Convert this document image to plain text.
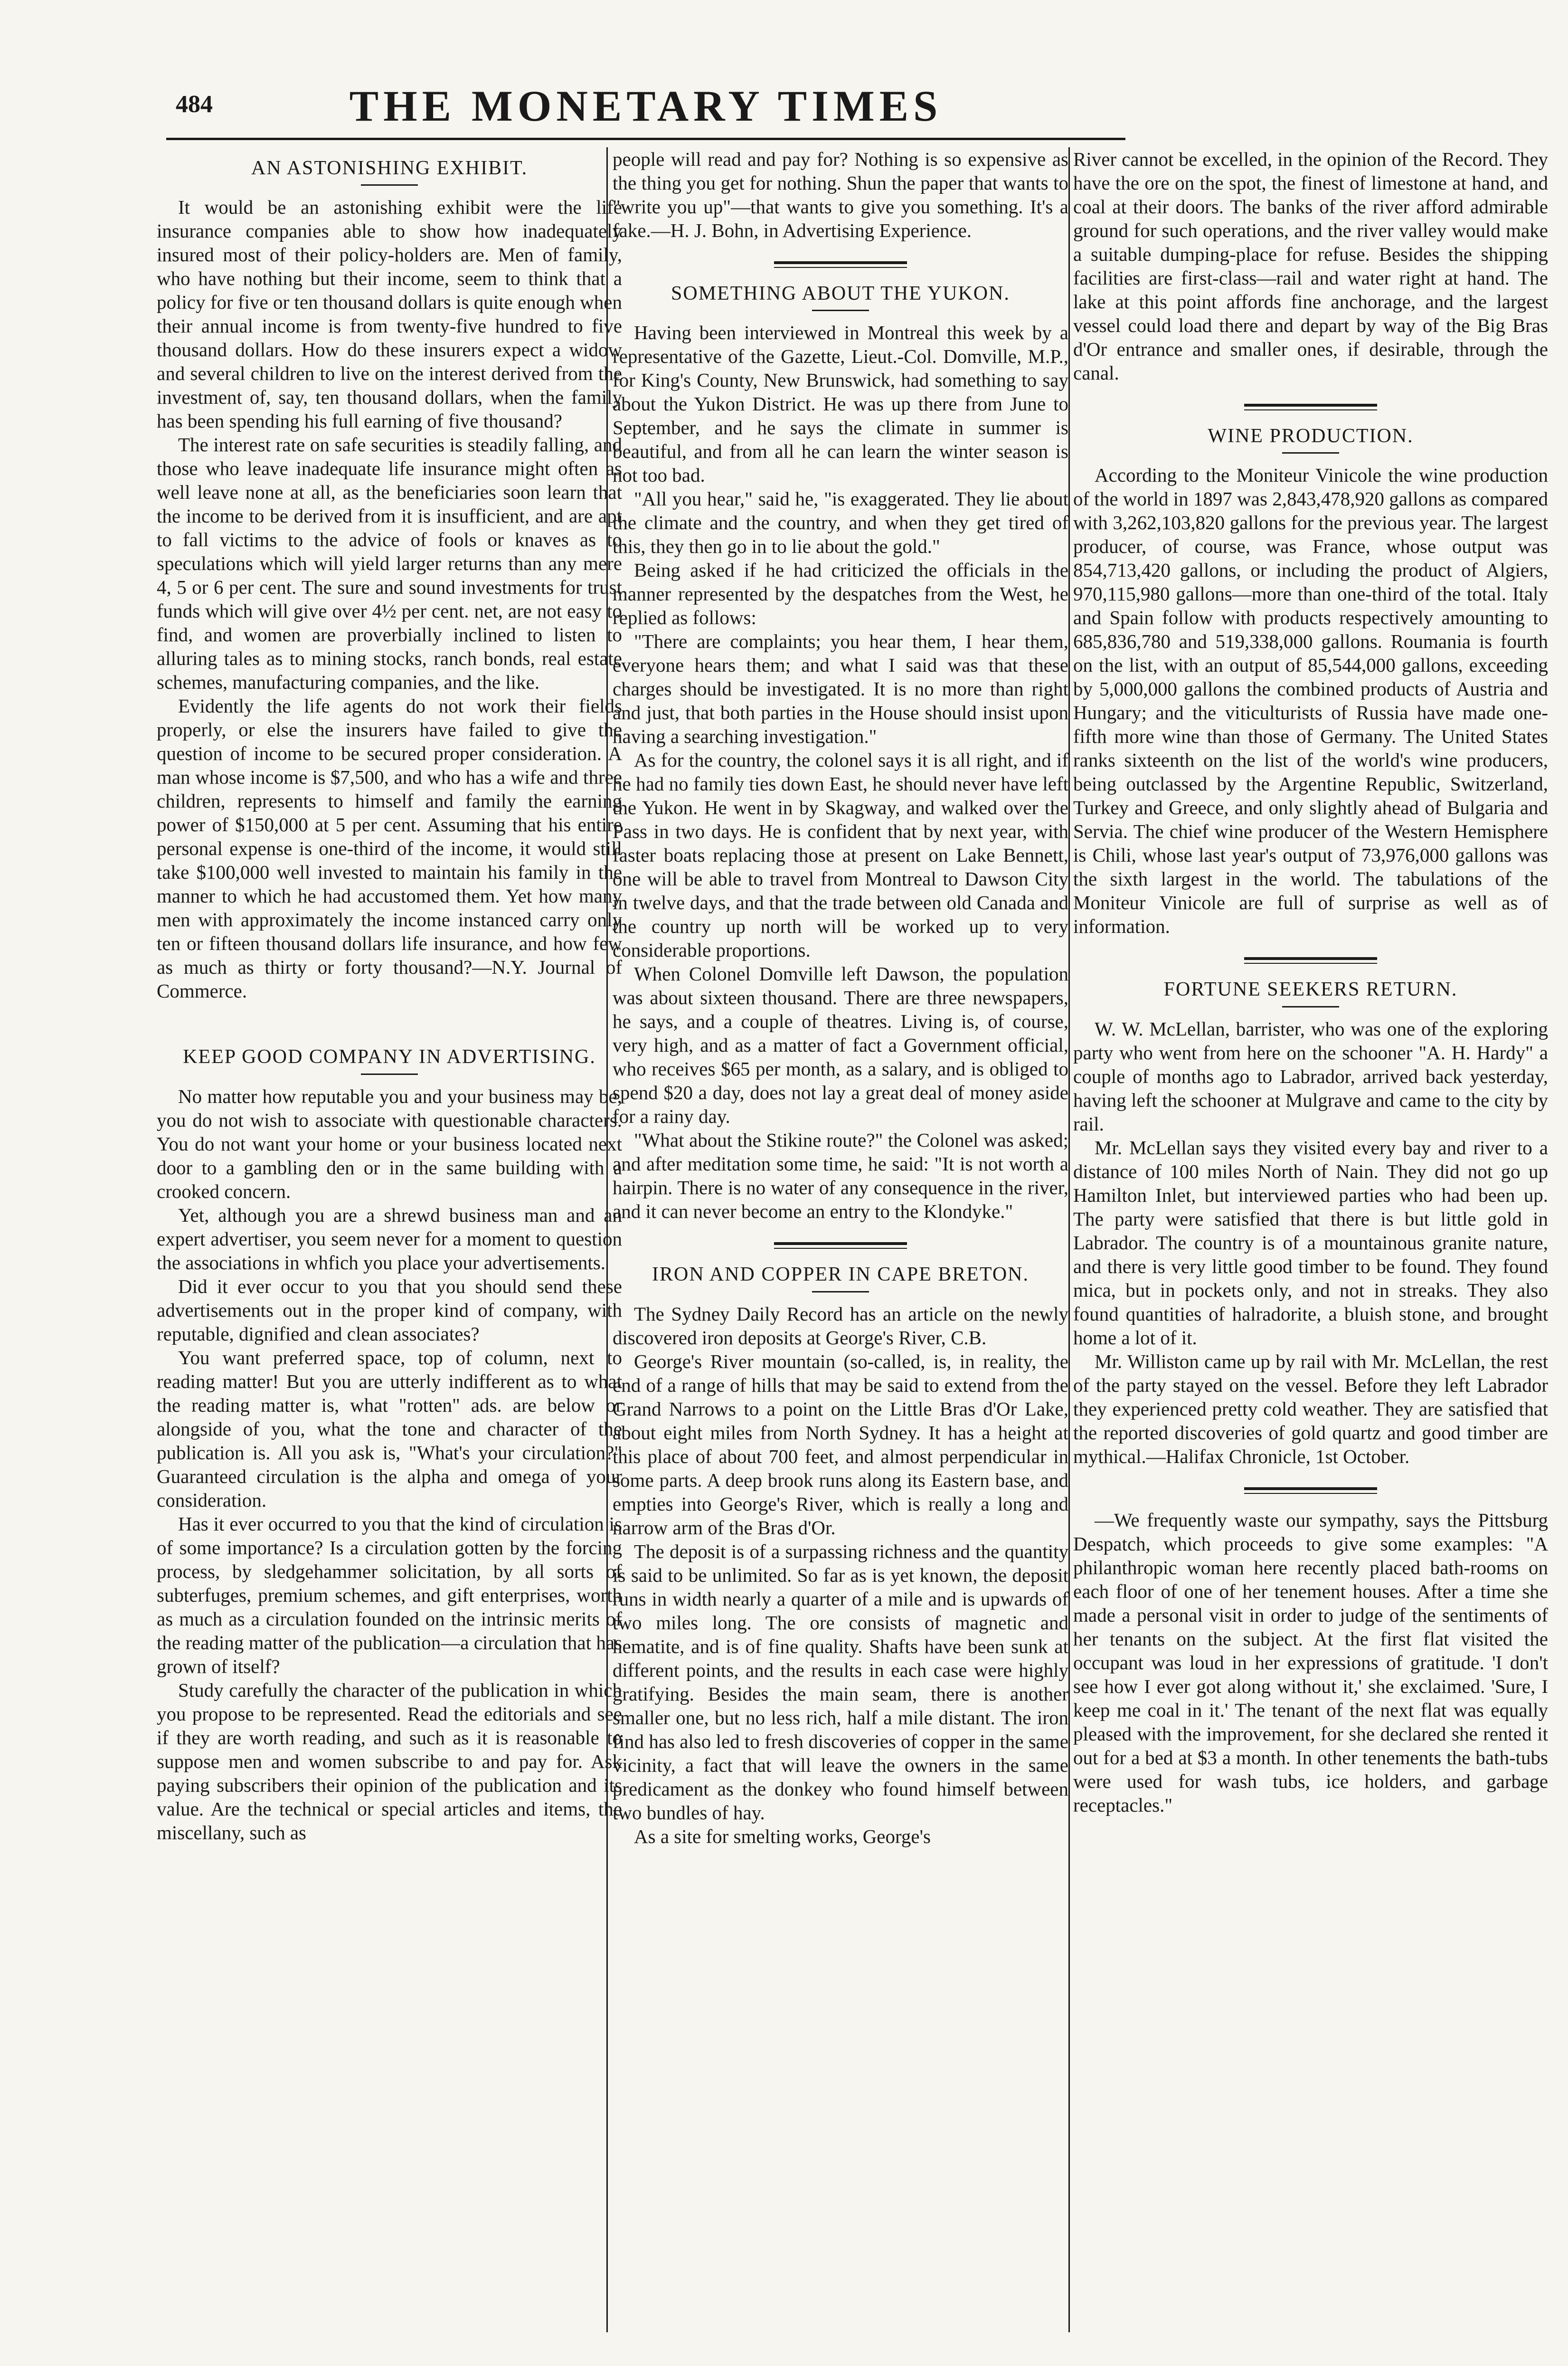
484	THE MONETARY TIMES
AN ASTONISHING EXHIBIT.

It would be an astonishing exhibit were the life insurance companies able to show how inadequately insured most of their policy-holders are. Men of family, who have nothing but their income, seem to think that a policy for five or ten thousand dollars is quite enough when their annual income is from twenty-five hundred to five thousand dollars. How do these insurers expect a widow and several children to live on the interest derived from the investment of, say, ten thousand dollars, when the family has been spending his full earning of five thousand?

The interest rate on safe securities is steadily falling, and those who leave inadequate life insurance might often as well leave none at all, as the beneficiaries soon learn that the income to be derived from it is insufficient, and are apt to fall victims to the advice of fools or knaves as to speculations which will yield larger returns than any mere 4, 5 or 6 per cent. The sure and sound investments for trust funds which will give over 4½ per cent. net, are not easy to find, and women are proverbially inclined to listen to alluring tales as to mining stocks, ranch bonds, real estate schemes, manufacturing companies, and the like.

Evidently the life agents do not work their fields properly, or else the insurers have failed to give the question of income to be secured proper consideration. A man whose income is $7,500, and who has a wife and three children, represents to himself and family the earning power of $150,000 at 5 per cent. Assuming that his entire personal expense is one-third of the income, it would still take $100,000 well invested to maintain his family in the manner to which he had accustomed them. Yet how many men with approximately the income instanced carry only ten or fifteen thousand dollars life insurance, and how few as much as thirty or forty thousand?—N.Y. Journal of Commerce.

KEEP GOOD COMPANY IN ADVERTISING.

No matter how reputable you and your business may be, you do not wish to associate with questionable characters. You do not want your home or your business located next door to a gambling den or in the same building with a crooked concern.

Yet, although you are a shrewd business man and an expert advertiser, you seem never for a moment to question the associations in whfich you place your advertisements.

Did it ever occur to you that you should send these advertisements out in the proper kind of company, with reputable, dignified and clean associates?

You want preferred space, top of column, next to reading matter! But you are utterly indifferent as to what the reading matter is, what "rotten" ads. are below or alongside of you, what the tone and character of the publication is. All you ask is, "What's your circulation?" Guaranteed circulation is the alpha and omega of your consideration.

Has it ever occurred to you that the kind of circulation is of some importance? Is a circulation gotten by the forcing process, by sledgehammer solicitation, by all sorts of subterfuges, premium schemes, and gift enterprises, worth as much as a circulation founded on the intrinsic merits of the reading matter of the publication—a circulation that has grown of itself?

Study carefully the character of the publication in which you propose to be represented. Read the editorials and see if they are worth reading, and such as it is reasonable to suppose men and women subscribe to and pay for. Ask paying subscribers their opinion of the publication and its value. Are the technical or special articles and items, the miscellany, such as

people will read and pay for? Nothing is so expensive as the thing you get for nothing. Shun the paper that wants to "write you up"—that wants to give you something. It's a fake.—H. J. Bohn, in Advertising Experience.

SOMETHING ABOUT THE YUKON.

Having been interviewed in Montreal this week by a representative of the Gazette, Lieut.-Col. Domville, M.P., for King's County, New Brunswick, had something to say about the Yukon District. He was up there from June to September, and he says the climate in summer is beautiful, and from all he can learn the winter season is not too bad.

"All you hear," said he, "is exaggerated. They lie about the climate and the country, and when they get tired of this, they then go in to lie about the gold."

Being asked if he had criticized the officials in the manner represented by the despatches from the West, he replied as follows:

"There are complaints; you hear them, I hear them, everyone hears them; and what I said was that these charges should be investigated. It is no more than right and just, that both parties in the House should insist upon having a searching investigation."

As for the country, the colonel says it is all right, and if he had no family ties down East, he should never have left the Yukon. He went in by Skagway, and walked over the Pass in two days. He is confident that by next year, with faster boats replacing those at present on Lake Bennett, one will be able to travel from Montreal to Dawson City in twelve days, and that the trade between old Canada and the country up north will be worked up to very considerable proportions.

When Colonel Domville left Dawson, the population was about sixteen thousand. There are three newspapers, he says, and a couple of theatres. Living is, of course, very high, and as a matter of fact a Government official, who receives $65 per month, as a salary, and is obliged to spend $20 a day, does not lay a great deal of money aside for a rainy day.

"What about the Stikine route?" the Colonel was asked; and after meditation some time, he said: "It is not worth a hairpin. There is no water of any consequence in the river, and it can never become an entry to the Klondyke."

IRON AND COPPER IN CAPE BRETON.

The Sydney Daily Record has an article on the newly discovered iron deposits at George's River, C.B.

George's River mountain (so-called, is, in reality, the end of a range of hills that may be said to extend from the Grand Narrows to a point on the Little Bras d'Or Lake, about eight miles from North Sydney. It has a height at this place of about 700 feet, and almost perpendicular in some parts. A deep brook runs along its Eastern base, and empties into George's River, which is really a long and narrow arm of the Bras d'Or.

The deposit is of a surpassing richness and the quantity is said to be unlimited. So far as is yet known, the deposit runs in width nearly a quarter of a mile and is upwards of two miles long. The ore consists of magnetic and hematite, and is of fine quality. Shafts have been sunk at different points, and the results in each case were highly gratifying. Besides the main seam, there is another smaller one, but no less rich, half a mile distant. The iron find has also led to fresh discoveries of copper in the same vicinity, a fact that will leave the owners in the same predicament as the donkey who found himself between two bundles of hay.

As a site for smelting works, George's

River cannot be excelled, in the opinion of the Record. They have the ore on the spot, the finest of limestone at hand, and coal at their doors. The banks of the river afford admirable ground for such operations, and the river valley would make a suitable dumping-place for refuse. Besides the shipping facilities are first-class—rail and water right at hand. The lake at this point affords fine anchorage, and the largest vessel could load there and depart by way of the Big Bras d'Or entrance and smaller ones, if desirable, through the canal.

WINE PRODUCTION.

According to the Moniteur Vinicole the wine production of the world in 1897 was 2,843,478,920 gallons as compared with 3,262,103,820 gallons for the previous year. The largest producer, of course, was France, whose output was 854,713,420 gallons, or including the product of Algiers, 970,115,980 gallons—more than one-third of the total. Italy and Spain follow with products respectively amounting to 685,836,780 and 519,338,000 gallons. Roumania is fourth on the list, with an output of 85,544,000 gallons, exceeding by 5,000,000 gallons the combined products of Austria and Hungary; and the viticulturists of Russia have made one-fifth more wine than those of Germany. The United States ranks sixteenth on the list of the world's wine producers, being outclassed by the Argentine Republic, Switzerland, Turkey and Greece, and only slightly ahead of Bulgaria and Servia. The chief wine producer of the Western Hemisphere is Chili, whose last year's output of 73,976,000 gallons was the sixth largest in the world. The tabulations of the Moniteur Vinicole are full of surprise as well as of information.

FORTUNE SEEKERS RETURN.

W. W. McLellan, barrister, who was one of the exploring party who went from here on the schooner "A. H. Hardy" a couple of months ago to Labrador, arrived back yesterday, having left the schooner at Mulgrave and came to the city by rail.

Mr. McLellan says they visited every bay and river to a distance of 100 miles North of Nain. They did not go up Hamilton Inlet, but interviewed parties who had been up. The party were satisfied that there is but little gold in Labrador. The country is of a mountainous granite nature, and there is very little good timber to be found. They found mica, but in pockets only, and not in streaks. They also found quantities of halradorite, a bluish stone, and brought home a lot of it.

Mr. Williston came up by rail with Mr. McLellan, the rest of the party stayed on the vessel. Before they left Labrador they experienced pretty cold weather. They are satisfied that the reported discoveries of gold quartz and good timber are mythical.—Halifax Chronicle, 1st October.

—We frequently waste our sympathy, says the Pittsburg Despatch, which proceeds to give some examples: "A philanthropic woman here recently placed bath-rooms on each floor of one of her tenement houses. After a time she made a personal visit in order to judge of the sentiments of her tenants on the subject. At the first flat visited the occupant was loud in her expressions of gratitude. 'I don't see how I ever got along without it,' she exclaimed. 'Sure, I keep me coal in it.' The tenant of the next flat was equally pleased with the improvement, for she declared she rented it out for a bed at $3 a month. In other tenements the bath-tubs were used for wash tubs, ice holders, and garbage receptacles."
